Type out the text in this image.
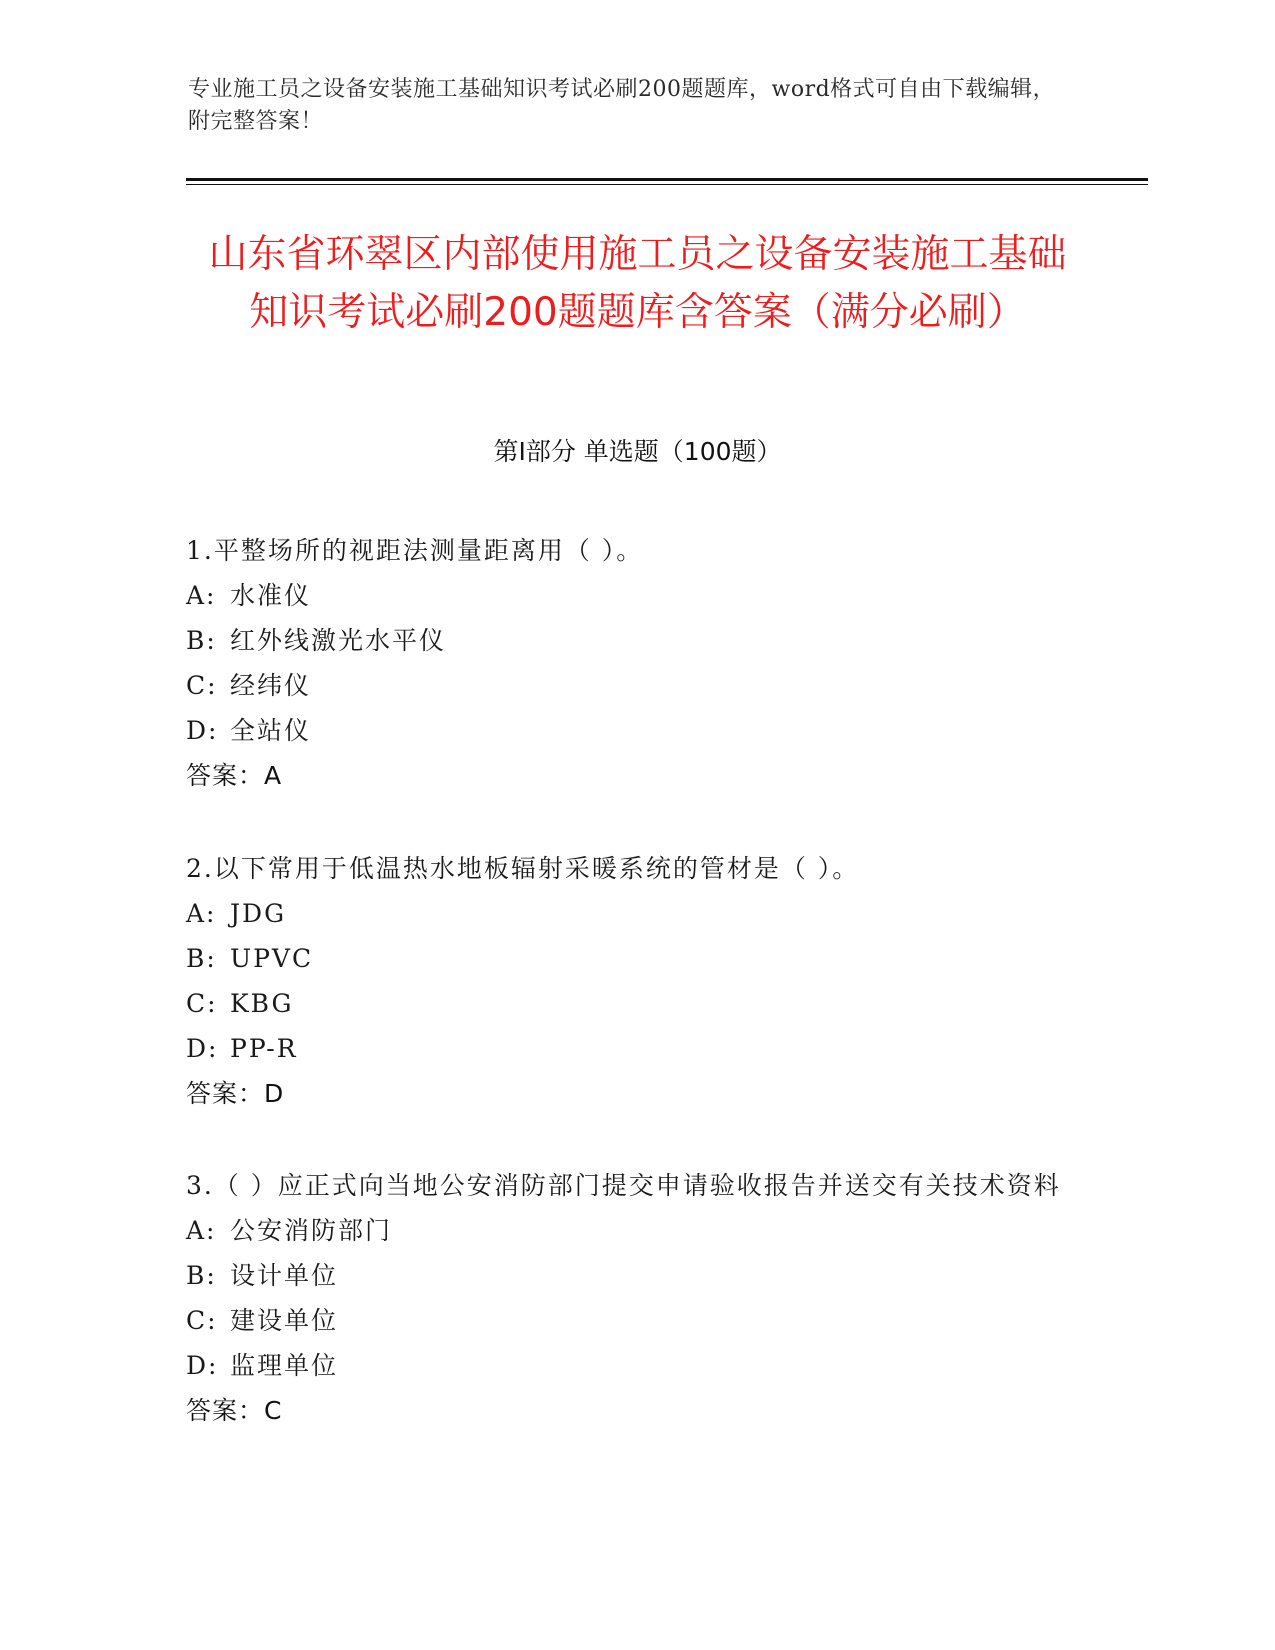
专业施工员之设备安装施工基础知识考试必刷200题题库，word格式可自由下载编辑，附完整答案！
山东省环翠区内部使用施工员之设备安装施工基础知识考试必刷200题题库含答案（满分必刷）
第Ⅰ部分 单选题（100题）
1.平整场所的视距法测量距离用（ ）。
A: 水准仪
B: 红外线激光水平仪
C: 经纬仪
D: 全站仪
答案：A
2.以下常用于低温热水地板辐射采暖系统的管材是（ ）。
A: JDG
B: UPVC
C: KBG
D: PP-R
答案：D
3.（ ）应正式向当地公安消防部门提交申请验收报告并送交有关技术资料
A: 公安消防部门
B: 设计单位
C: 建设单位
D: 监理单位
答案：C
